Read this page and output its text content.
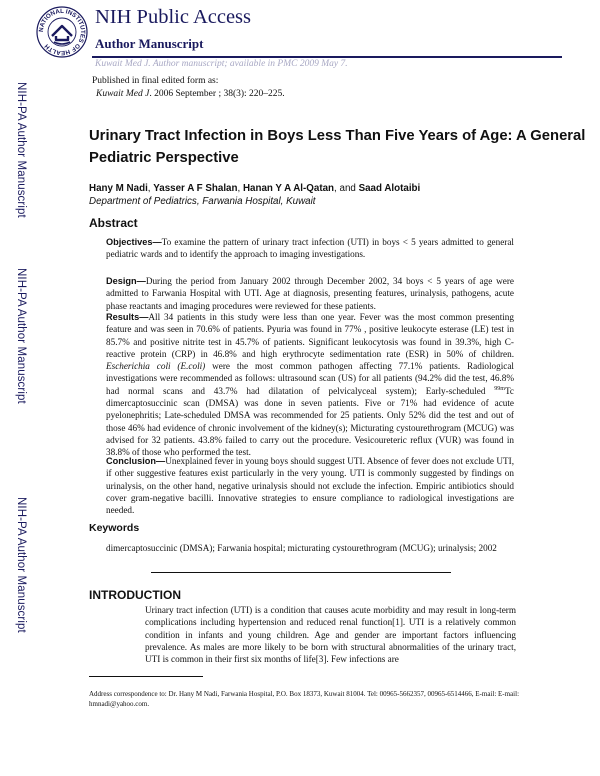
NIH-PA Author Manuscript
NIH-PA Author Manuscript
NIH-PA Author Manuscript
NATIONAL INSTITUTES OF HEALTH
NIH Public Access
Author Manuscript
Kuwait Med J. Author manuscript; available in PMC 2009 May 7.
Published in final edited form as:
Kuwait Med J. 2006 September ; 38(3): 220–225.
Urinary Tract Infection in Boys Less Than Five Years of Age: A General Pediatric Perspective
Hany M Nadi, Yasser A F Shalan, Hanan Y A Al-Qatan, and Saad Alotaibi
Department of Pediatrics, Farwania Hospital, Kuwait
Abstract

Objectives—To examine the pattern of urinary tract infection (UTI) in boys < 5 years admitted to general pediatric wards and to identify the approach to imaging investigations.

Design—During the period from January 2002 through December 2002, 34 boys < 5 years of age were admitted to Farwania Hospital with UTI. Age at diagnosis, presenting features, urinalysis, pathogens, acute phase reactants and imaging procedures were reviewed for these patients.

Results—All 34 patients in this study were less than one year. Fever was the most common presenting feature and was seen in 70.6% of patients. Pyuria was found in 77% , positive leukocyte esterase (LE) test in 85.7% and positive nitrite test in 45.7% of patients. Significant leukocytosis was found in 39.3%, high C-reactive protein (CRP) in 46.8% and high erythrocyte sedimentation rate (ESR) in 50% of children. Escherichia coli (E.coli) were the most common pathogen affecting 77.1% patients. Radiological investigations were recommended as follows: ultrasound scan (US) for all patients (94.2% did the test, 46.8% had normal scans and 43.7% had dilatation of pelvicalyceal system); Early-scheduled $^{99m}$Tc dimercaptosuccinic scan (DMSA) was done in seven patients. Five or 71% had evidence of acute pyelonephritis; Late-scheduled DMSA was recommended for 25 patients. Only 52% did the test and out of those 46% had evidence of chronic involvement of the kidney(s); Micturating cystourethrogram (MCUG) was advised for 32 patients. 43.8% failed to carry out the procedure. Vesicoureteric reflux (VUR) was found in 38.8% of those who performed the test.

Conclusion—Unexplained fever in young boys should suggest UTI. Absence of fever does not exclude UTI, if other suggestive features exist particularly in the very young. UTI is commonly suggested by findings on urinalysis, on the other hand, negative urinalysis should not exclude the infection. Empiric antibiotics should cover gram-negative bacilli. Innovative strategies to ensure compliance to radiological investigations are needed.

Keywords

dimercaptosuccinic (DMSA); Farwania hospital; micturating cystourethrogram (MCUG); urinalysis; 2002

INTRODUCTION

Urinary tract infection (UTI) is a condition that causes acute morbidity and may result in long-term complications including hypertension and reduced renal function[1]. UTI is a relatively common condition in infants and young children. Age and gender are important factors influencing prevalence. As males are more likely to be born with structural abnormalities of the urinary tract, UTI is common in their first six months of life[3]. Few infections are

Address correspondence to: Dr. Hany M Nadi, Farwania Hospital, P.O. Box 18373, Kuwait 81004. Tel: 00965-5662357, 00965-6514466, E-mail: E-mail: hmnadi@yahoo.com.
